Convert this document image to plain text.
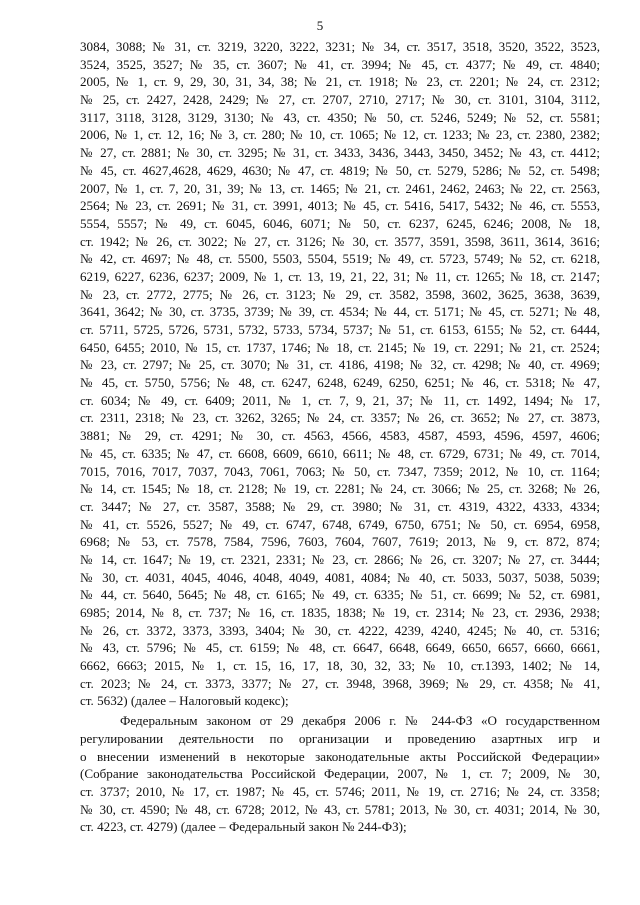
5
3084, 3088; № 31, ст. 3219, 3220, 3222, 3231; № 34, ст. 3517, 3518, 3520, 3522, 3523,
3524, 3525, 3527; № 35, ст. 3607; № 41, ст. 3994; № 45, ст. 4377; № 49, ст. 4840;
2005, № 1, ст. 9, 29, 30, 31, 34, 38; № 21, ст. 1918; № 23, ст. 2201; № 24, ст. 2312;
№ 25, ст. 2427, 2428, 2429; № 27, ст. 2707, 2710, 2717; № 30, ст. 3101, 3104, 3112,
3117, 3118, 3128, 3129, 3130; № 43, ст. 4350; № 50, ст. 5246, 5249; № 52, ст. 5581;
2006, № 1, ст. 12, 16; № 3, ст. 280; № 10, ст. 1065; № 12, ст. 1233; № 23, ст. 2380, 2382;
№ 27, ст. 2881; № 30, ст. 3295; № 31, ст. 3433, 3436, 3443, 3450, 3452; № 43, ст. 4412;
№ 45, ст. 4627,4628, 4629, 4630; № 47, ст. 4819; № 50, ст. 5279, 5286; № 52, ст. 5498;
2007, № 1, ст. 7, 20, 31, 39; № 13, ст. 1465; № 21, ст. 2461, 2462, 2463; № 22, ст. 2563,
2564; № 23, ст. 2691; № 31, ст. 3991, 4013; № 45, ст. 5416, 5417, 5432; № 46, ст. 5553,
5554, 5557; № 49, ст. 6045, 6046, 6071; № 50, ст. 6237, 6245, 6246; 2008, № 18,
ст. 1942; № 26, ст. 3022; № 27, ст. 3126; № 30, ст. 3577, 3591, 3598, 3611, 3614, 3616;
№ 42, ст. 4697; № 48, ст. 5500, 5503, 5504, 5519; № 49, ст. 5723, 5749; № 52, ст. 6218,
6219, 6227, 6236, 6237; 2009, № 1, ст. 13, 19, 21, 22, 31; № 11, ст. 1265; № 18, ст. 2147;
№ 23, ст. 2772, 2775; № 26, ст. 3123; № 29, ст. 3582, 3598, 3602, 3625, 3638, 3639,
3641, 3642; № 30, ст. 3735, 3739; № 39, ст. 4534; № 44, ст. 5171; № 45, ст. 5271; № 48,
ст. 5711, 5725, 5726, 5731, 5732, 5733, 5734, 5737; № 51, ст. 6153, 6155; № 52, ст. 6444,
6450, 6455; 2010, № 15, ст. 1737, 1746; № 18, ст. 2145; № 19, ст. 2291; № 21, ст. 2524;
№ 23, ст. 2797; № 25, ст. 3070; № 31, ст. 4186, 4198; № 32, ст. 4298; № 40, ст. 4969;
№ 45, ст. 5750, 5756; № 48, ст. 6247, 6248, 6249, 6250, 6251; № 46, ст. 5318; № 47,
ст. 6034; № 49, ст. 6409; 2011, № 1, ст. 7, 9, 21, 37; № 11, ст. 1492, 1494; № 17,
ст. 2311, 2318; № 23, ст. 3262, 3265; № 24, ст. 3357; № 26, ст. 3652; № 27, ст. 3873,
3881; № 29, ст. 4291; № 30, ст. 4563, 4566, 4583, 4587, 4593, 4596, 4597, 4606;
№ 45, ст. 6335; № 47, ст. 6608, 6609, 6610, 6611; № 48, ст. 6729, 6731; № 49, ст. 7014,
7015, 7016, 7017, 7037, 7043, 7061, 7063; № 50, ст. 7347, 7359; 2012, № 10, ст. 1164;
№ 14, ст. 1545; № 18, ст. 2128; № 19, ст. 2281; № 24, ст. 3066; № 25, ст. 3268; № 26,
ст. 3447; № 27, ст. 3587, 3588; № 29, ст. 3980; № 31, ст. 4319, 4322, 4333, 4334;
№ 41, ст. 5526, 5527; № 49, ст. 6747, 6748, 6749, 6750, 6751; № 50, ст. 6954, 6958,
6968; № 53, ст. 7578, 7584, 7596, 7603, 7604, 7607, 7619; 2013, № 9, ст. 872, 874;
№ 14, ст. 1647; № 19, ст. 2321, 2331; № 23, ст. 2866; № 26, ст. 3207; № 27, ст. 3444;
№ 30, ст. 4031, 4045, 4046, 4048, 4049, 4081, 4084; № 40, ст. 5033, 5037, 5038, 5039;
№ 44, ст. 5640, 5645; № 48, ст. 6165; № 49, ст. 6335; № 51, ст. 6699; № 52, ст. 6981,
6985; 2014, № 8, ст. 737; № 16, ст. 1835, 1838; № 19, ст. 2314; № 23, ст. 2936, 2938;
№ 26, ст. 3372, 3373, 3393, 3404; № 30, ст. 4222, 4239, 4240, 4245; № 40, ст. 5316;
№ 43, ст. 5796; № 45, ст. 6159; № 48, ст. 6647, 6648, 6649, 6650, 6657, 6660, 6661,
6662, 6663; 2015, № 1, ст. 15, 16, 17, 18, 30, 32, 33; № 10, ст.1393, 1402; № 14,
ст. 2023; № 24, ст. 3373, 3377; № 27, ст. 3948, 3968, 3969; № 29, ст. 4358; № 41,
ст. 5632) (далее – Налоговый кодекс);
Федеральным законом от 29 декабря 2006 г. № 244-ФЗ «О государственном
регулировании деятельности по организации и проведению азартных игр и
о внесении изменений в некоторые законодательные акты Российской Федерации»
(Собрание законодательства Российской Федерации, 2007, № 1, ст. 7; 2009, № 30,
ст. 3737; 2010, № 17, ст. 1987; № 45, ст. 5746; 2011, № 19, ст. 2716; № 24, ст. 3358;
№ 30, ст. 4590; № 48, ст. 6728; 2012, № 43, ст. 5781; 2013, № 30, ст. 4031; 2014, № 30,
ст. 4223, ст. 4279) (далее – Федеральный закон № 244-ФЗ);
